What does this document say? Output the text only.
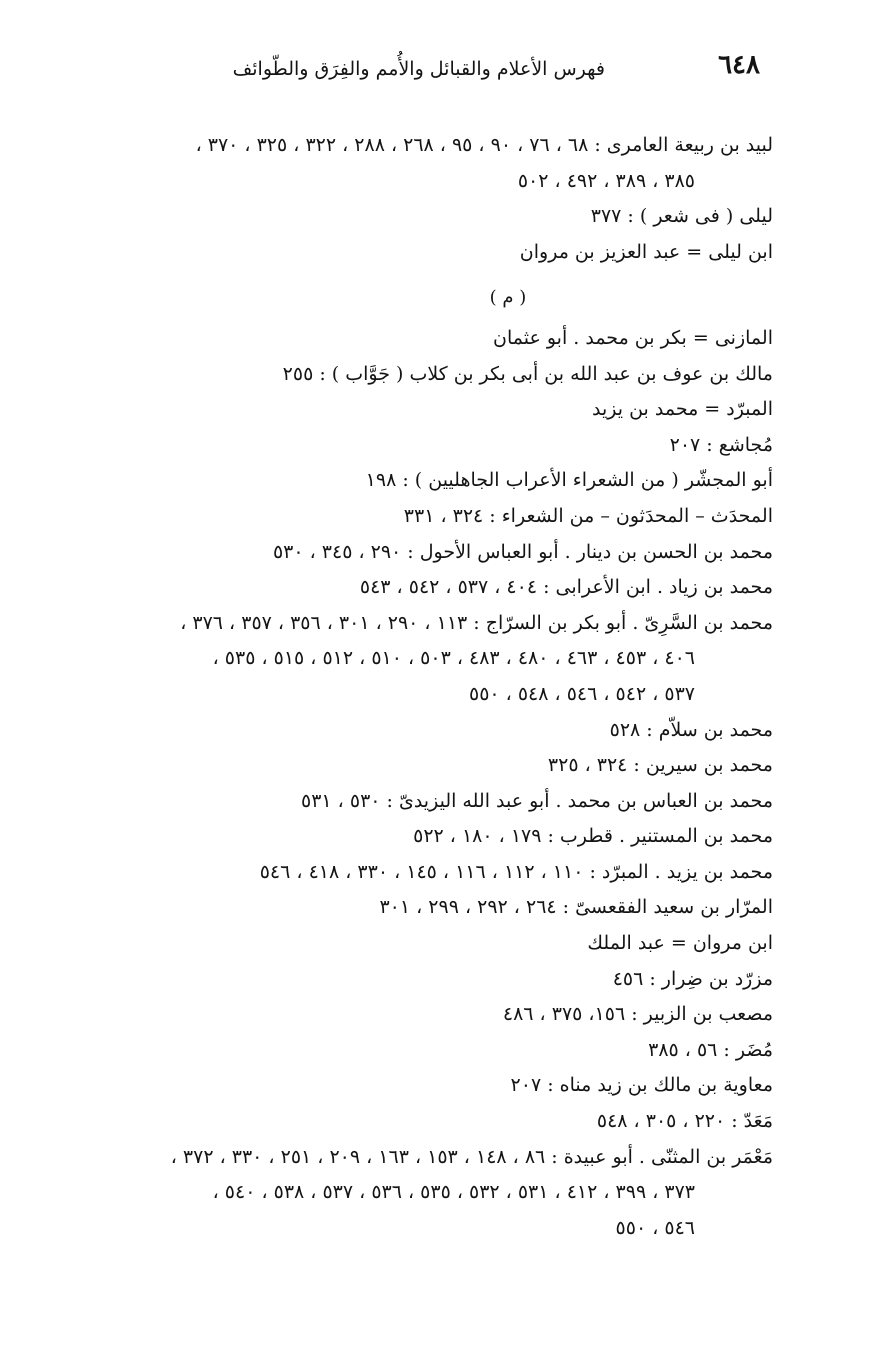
٦٤٨
فهرس الأعلام والقبائل والأُمم والفِرَق والطّوائف
لبيد بن ربيعة العامرى : ٦٨ ، ٧٦ ، ٩٠ ، ٩٥ ، ٢٦٨ ، ٢٨٨ ، ٣٢٢ ، ٣٢٥ ، ٣٧٠ ،
٣٨٥ ، ٣٨٩ ، ٤٩٢ ، ٥٠٢
ليلى ( فى شعر ) : ٣٧٧
ابن ليلى = عبد العزيز بن مروان
( م )
المازنى = بكر بن محمد . أبو عثمان
مالك بن عوف بن عبد الله بن أبى بكر بن كلاب ( جَوَّاب ) : ٢٥٥
المبرّد = محمد بن يزيد
مُجاشع : ٢٠٧
أبو المجشّر ( من الشعراء الأعراب الجاهليين ) : ١٩٨
المحدَث – المحدَثون – من الشعراء : ٣٢٤ ، ٣٣١
محمد بن الحسن بن دينار . أبو العباس الأحول : ٢٩٠ ، ٣٤٥ ، ٥٣٠
محمد بن زياد . ابن الأعرابى : ٤٠٤ ، ٥٣٧ ، ٥٤٢ ، ٥٤٣
محمد بن السَّرِىّ . أبو بكر بن السرّاج : ١١٣ ، ٢٩٠ ، ٣٠١ ، ٣٥٦ ، ٣٥٧ ، ٣٧٦ ،
٤٠٦ ، ٤٥٣ ، ٤٦٣ ، ٤٨٠ ، ٤٨٣ ، ٥٠٣ ، ٥١٠ ، ٥١٢ ، ٥١٥ ، ٥٣٥ ،
٥٣٧ ، ٥٤٢ ، ٥٤٦ ، ٥٤٨ ، ٥٥٠
محمد بن سلاّم : ٥٢٨
محمد بن سيرين : ٣٢٤ ، ٣٢٥
محمد بن العباس بن محمد . أبو عبد الله اليزيدىّ : ٥٣٠ ، ٥٣١
محمد بن المستنير . قطرب : ١٧٩ ، ١٨٠ ، ٥٢٢
محمد بن يزيد . المبرّد : ١١٠ ، ١١٢ ، ١١٦ ، ١٤٥ ، ٣٣٠ ، ٤١٨ ، ٥٤٦
المرّار بن سعيد الفقعسىّ : ٢٦٤ ، ٢٩٢ ، ٢٩٩ ، ٣٠١
ابن مروان = عبد الملك
مزرّد بن ضِرار : ٤٥٦
مصعب بن الزبير : ١٥٦، ٣٧٥ ، ٤٨٦
مُضَر : ٥٦ ، ٣٨٥
معاوية بن مالك بن زيد مناه : ٢٠٧
مَعَدّ : ٢٢٠ ، ٣٠٥ ، ٥٤٨
مَعْمَر بن المثنّى . أبو عبيدة : ٨٦ ، ١٤٨ ، ١٥٣ ، ١٦٣ ، ٢٠٩ ، ٢٥١ ، ٣٣٠ ، ٣٧٢ ،
٣٧٣ ، ٣٩٩ ، ٤١٢ ، ٥٣١ ، ٥٣٢ ، ٥٣٥ ، ٥٣٦ ، ٥٣٧ ، ٥٣٨ ، ٥٤٠ ،
٥٤٦ ، ٥٥٠
